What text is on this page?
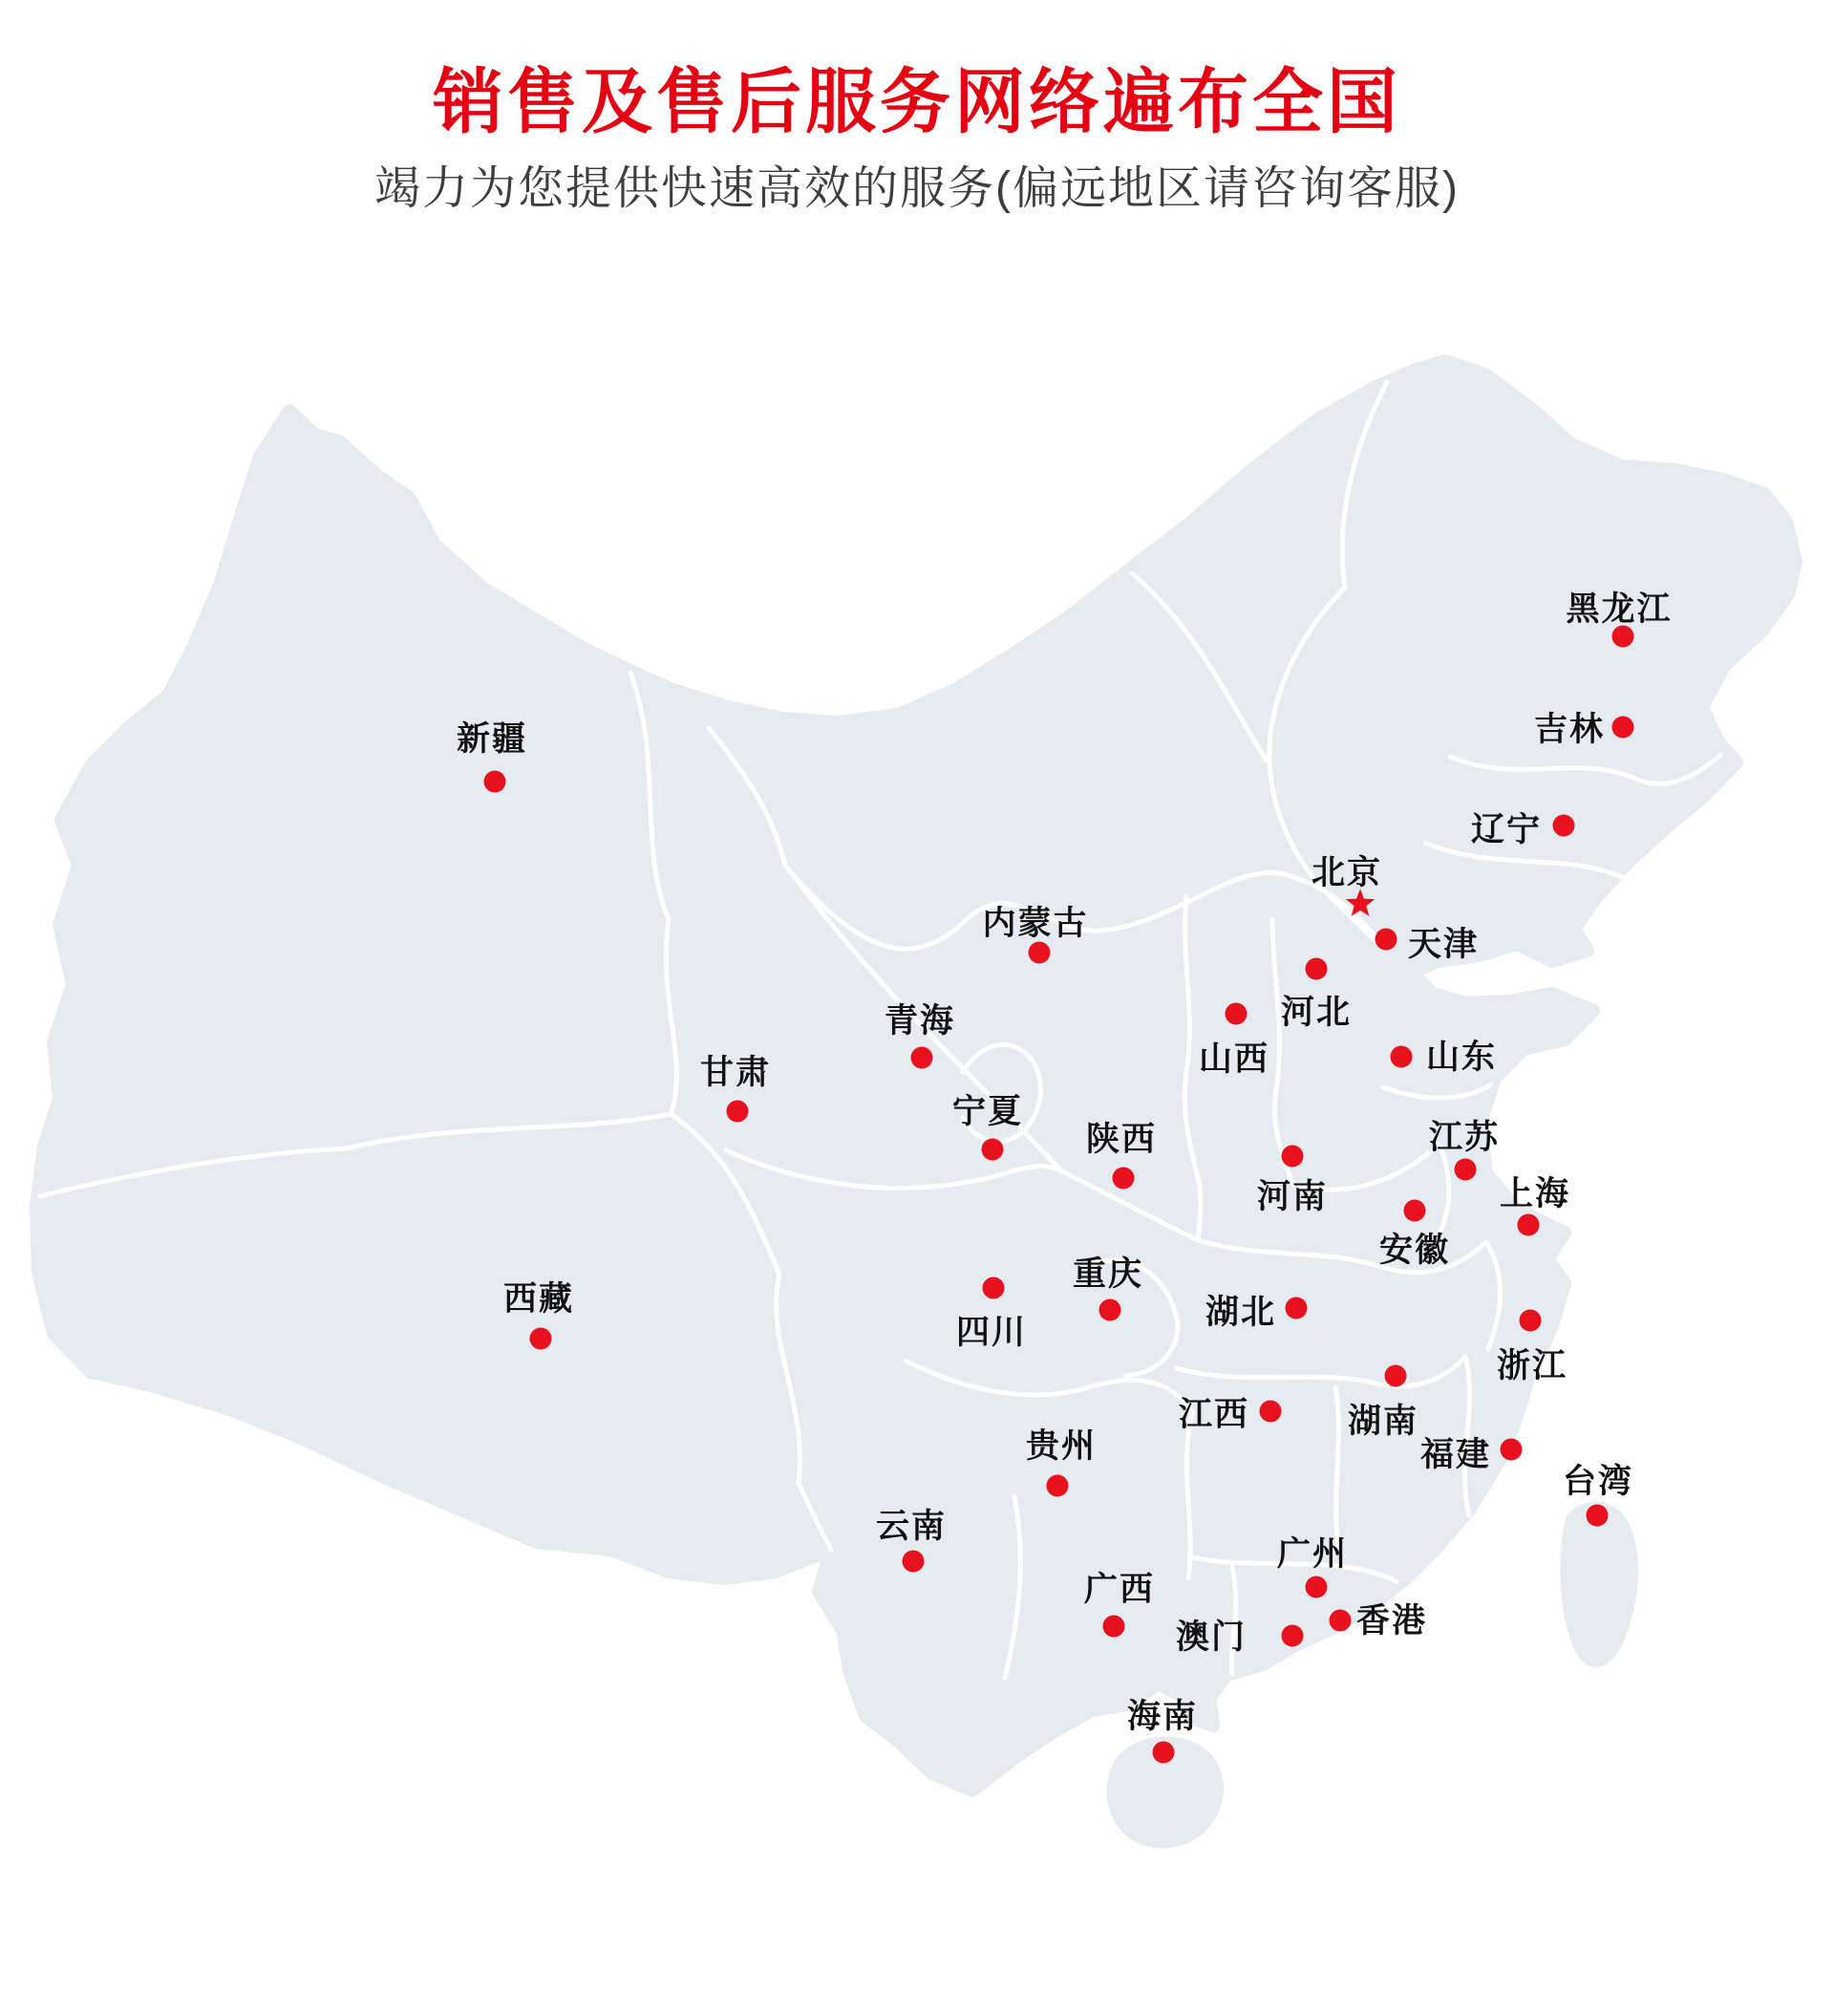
销售及售后服务网络遍布全国

竭力为您提供快速高效的服务(偏远地区请咨询客服)

黑龙江
吉林
辽宁
北京
天津
河北
山西	山东
内蒙古
青海
甘肃
宁夏
陕西
河南
江苏
上海
安徽
新疆
西藏
四川
重庆
湖北
浙江
江西	湖南
福建
台湾
贵州
云南
广西
广州
香港
澳门
海南
